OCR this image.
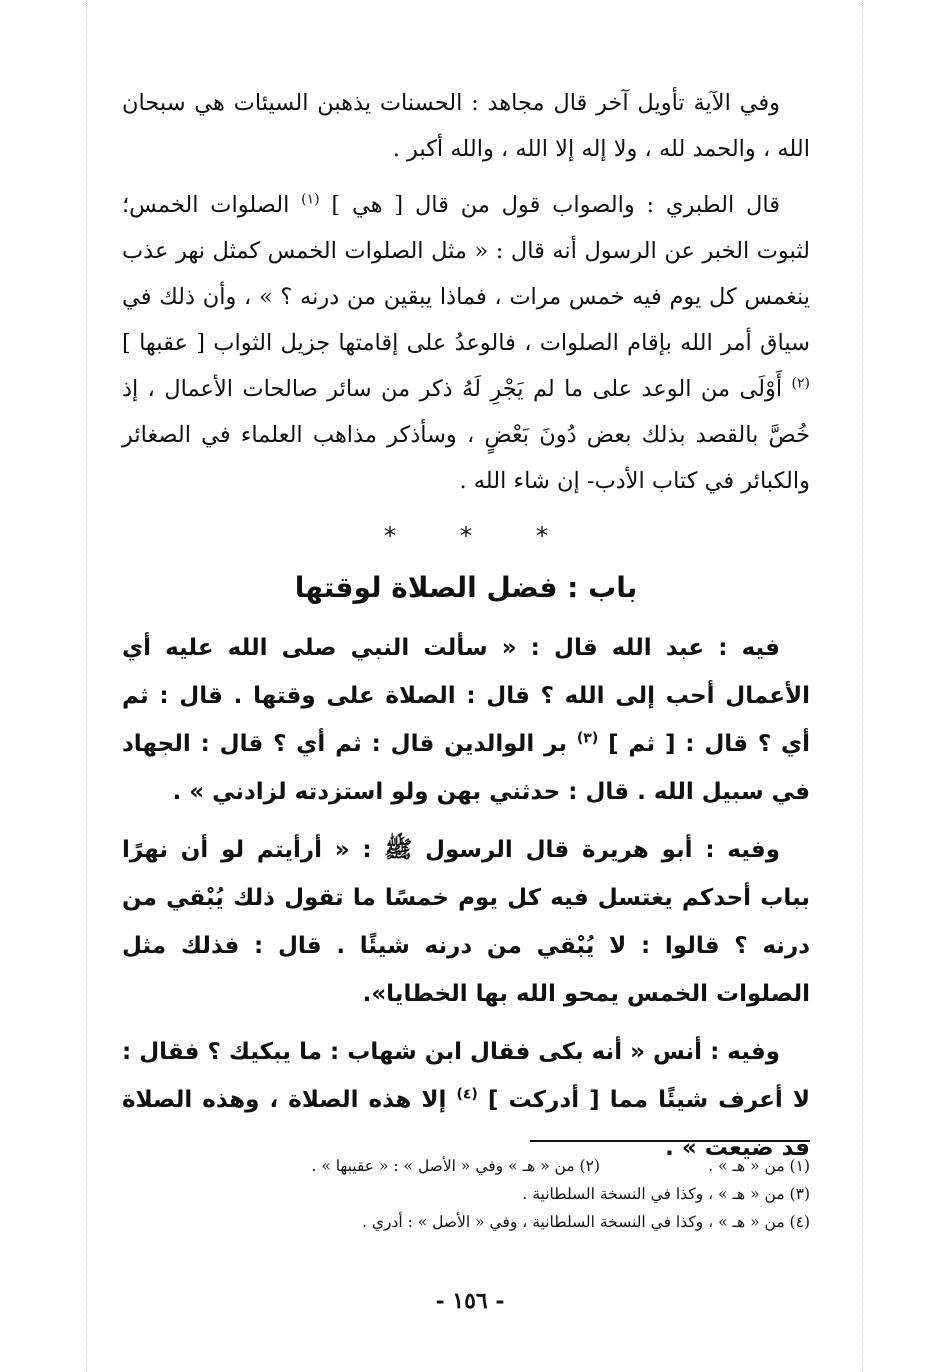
وفي الآية تأويل آخر قال مجاهد : الحسنات يذهبن السيئات هي سبحان الله ، والحمد لله ، ولا إله إلا الله ، والله أكبر .

قال الطبري : والصواب قول من قال [ هي ] $^{(١)}$ الصلوات الخمس؛ لثبوت الخبر عن الرسول أنه قال : « مثل الصلوات الخمس كمثل نهر عذب ينغمس كل يوم فيه خمس مرات ، فماذا يبقين من درنه ؟ » ، وأن ذلك في سياق أمر الله بإقام الصلوات ، فالوعدُ على إقامتها جزيل الثواب [ عقبها ] $^{(٢)}$ أَوْلَى من الوعد على ما لم يَجْرِ لَهُ ذكر من سائر صالحات الأعمال ، إذ خُصَّ بالقصد بذلك بعض دُونَ بَعْضٍ ، وسأذكر مذاهب العلماء في الصغائر والكبائر في كتاب الأدب- إن شاء الله .

***
باب : فضل الصلاة لوقتها

فيه : عبد الله قال : « سألت النبي صلى الله عليه أي الأعمال أحب إلى الله ؟ قال : الصلاة على وقتها . قال : ثم أي ؟ قال : [ ثم ] $^{(٣)}$ بر الوالدين قال : ثم أي ؟ قال : الجهاد في سبيل الله . قال : حدثني بهن ولو استزدته لزادني » .

وفيه : أبو هريرة قال الرسول ﷺ : « أرأيتم لو أن نهرًا بباب أحدكم يغتسل فيه كل يوم خمسًا ما تقول ذلك يُبْقي من درنه ؟ قالوا : لا يُبْقي من درنه شيئًا . قال : فذلك مثل الصلوات الخمس يمحو الله بها الخطايا».

وفيه : أنس « أنه بكى فقال ابن شهاب : ما يبكيك ؟ فقال : لا أعرف شيئًا مما [ أدركت ] $^{(٤)}$ إلا هذه الصلاة ، وهذه الصلاة قد ضيعت » .

(١) من « هـ » .
(٢) من « هـ » وفي « الأصل » : « عقيبها » .
(٣) من « هـ » ، وكذا في النسخة السلطانية .
(٤) من « هـ » ، وكذا في النسخة السلطانية ، وفي « الأصل » : أدري .
- ١٥٦ -
